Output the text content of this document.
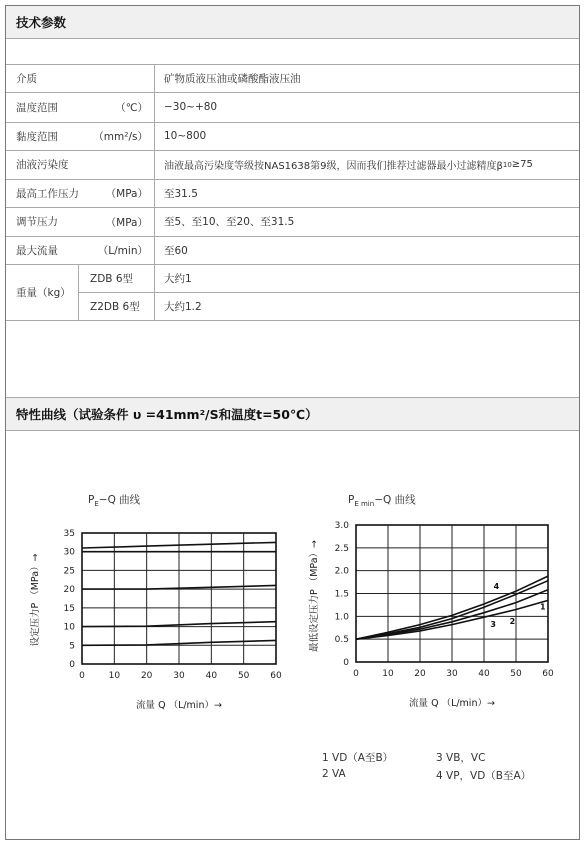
技术参数
介质	矿物质液压油或磷酸酯液压油
温度范围	（℃） −30~+80
黏度范围	（mm²/s） 10~800
油液污染度	油液最高污染度等级按NAS1638第9级，因而我们推荐过滤器最小过滤精度β 10 ≥75
最高工作压力	（MPa） 至31.5
调节压力	（MPa） 至5、至10、至20、至31.5
最大流量	（L/min） 至60
重量（kg）
ZDB 6型	大约1
Z2DB 6型 大约1.2
特性曲线（试验条件 υ =41mm²/S和温度t=50℃）
$P_E-Q$ 曲线	$P_{E min}-Q$ 曲线
0	10 20 30 40 50 60
0
5
10
15
20
25
30
35
流量 Q （L/min）→
设定压力P （MPa）→
0	10 20 30 40 50 60
0
0.5
1.0
1.5
2.0
2.5
3.0
4
1
2
3
流量 Q （L/min）→
最低设定压力P （MPa）→
1 VD（A至B）	3 VB，VC
2 VA	4 VP，VD（B至A）
